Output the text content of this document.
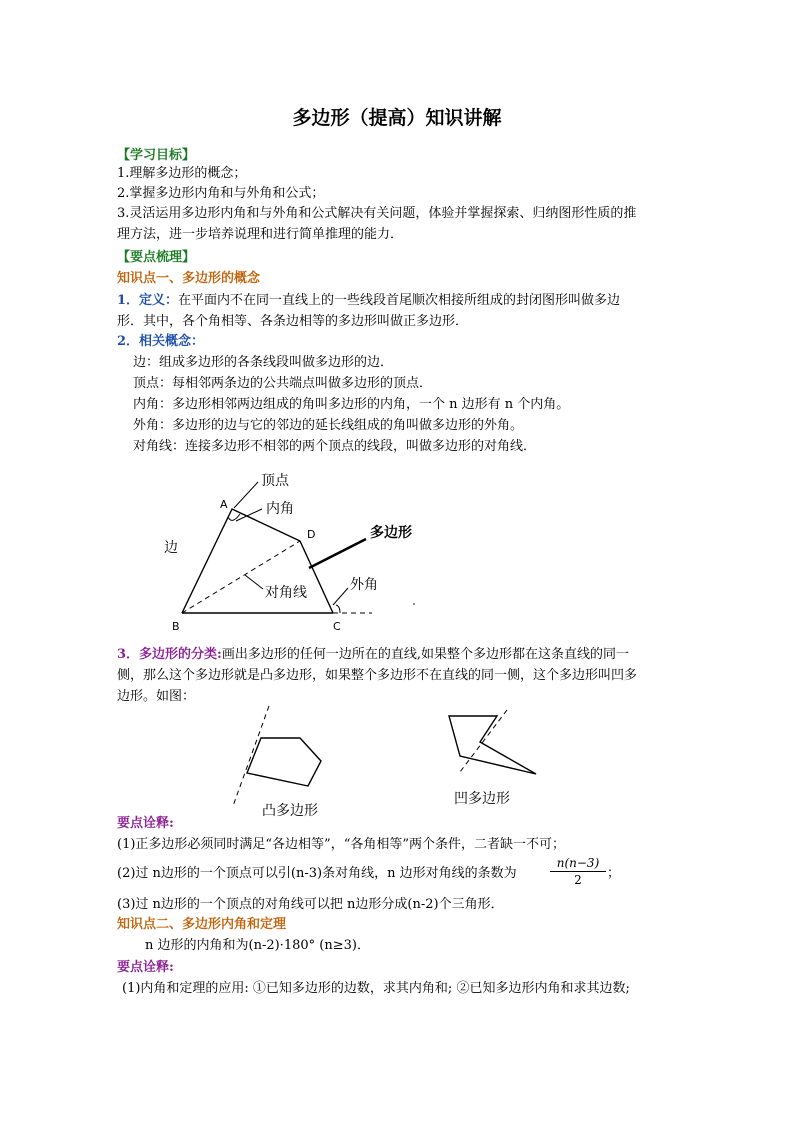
多边形（提高）知识讲解
【学习目标】
1.理解多边形的概念；
2.掌握多边形内角和与外角和公式；
3.灵活运用多边形内角和与外角和公式解决有关问题，体验并掌握探索、归纳图形性质的推
理方法，进一步培养说理和进行简单推理的能力．
【要点梳理】
知识点一、多边形的概念
1．定义：在平面内不在同一直线上的一些线段首尾顺次相接所组成的封闭图形叫做多边
形．其中，各个角相等、各条边相等的多边形叫做正多边形．
2．相关概念：
边：组成多边形的各条线段叫做多边形的边．
顶点：每相邻两条边的公共端点叫做多边形的顶点．
内角：多边形相邻两边组成的角叫多边形的内角，一个 n 边形有 n 个内角。
外角：多边形的边与它的邻边的延长线组成的角叫做多边形的外角。
对角线：连接多边形不相邻的两个顶点的线段，叫做多边形的对角线．
顶点
内角
多边形
边
对角线	外角
A
B	C
D
3．多边形的分类:画出多边形的任何一边所在的直线,如果整个多边形都在这条直线的同一
侧，那么这个多边形就是凸多边形，如果整个多边形不在直线的同一侧，这个多边形叫凹多
边形。如图：
凸多边形
凹多边形
要点诠释:
(1)正多边形必须同时满足“各边相等”，“各角相等”两个条件，二者缺一不可；
(2)过 n边形的一个顶点可以引(n-3)条对角线，n 边形对角线的条数为	$\frac{n(n-3)}{2}$ ；
(3)过 n边形的一个顶点的对角线可以把 n边形分成(n-2)个三角形．
知识点二、多边形内角和定理
n 边形的内角和为(n-2)·180° (n≥3)．
要点诠释:
(1)内角和定理的应用: ①已知多边形的边数，求其内角和; ②已知多边形内角和求其边数;
